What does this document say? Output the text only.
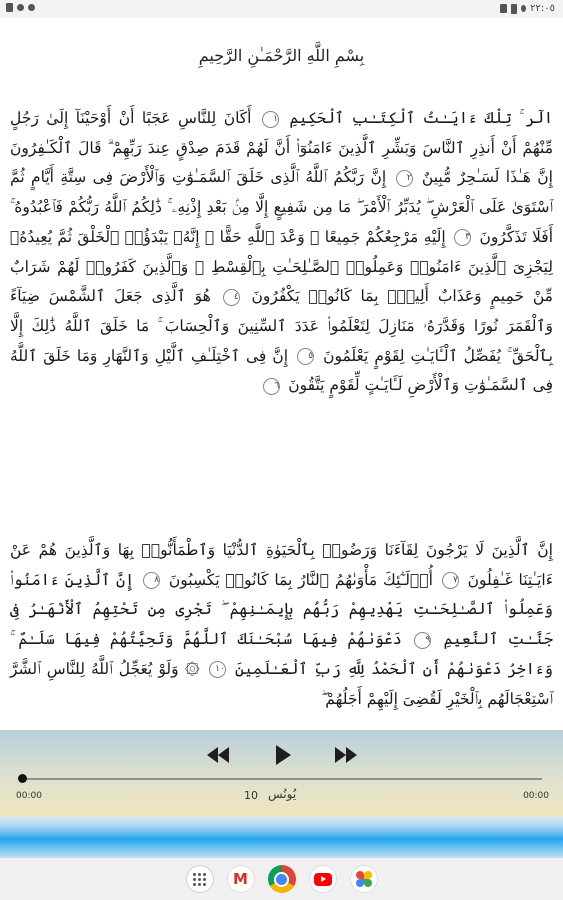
٢٢:٠٥
بِسْمِ اللَّهِ الرَّحْمَـٰنِ الرَّحِيمِ
الٓر ۚ تِلْكَ ءَايَـٰتُ ٱلْكِتَـٰبِ ٱلْحَكِيمِ ١ أَكَانَ لِلنَّاسِ عَجَبًا أَنْ أَوْحَيْنَآ إِلَىٰ رَجُلٍ مِّنْهُمْ أَنْ أَنذِرِ ٱلنَّاسَ وَبَشِّرِ ٱلَّذِينَ ءَامَنُوٓا۟ أَنَّ لَهُمْ قَدَمَ صِدْقٍ عِندَ رَبِّهِمْ ۗ قَالَ ٱلْكَـٰفِرُونَ إِنَّ هَـٰذَا لَسَـٰحِرٌ مُّبِينٌ ٢ إِنَّ رَبَّكُمُ ٱللَّهُ ٱلَّذِى خَلَقَ ٱلسَّمَـٰوَٰتِ وَٱلْأَرْضَ فِى سِتَّةِ أَيَّامٍ ثُمَّ ٱسْتَوَىٰ عَلَى ٱلْعَرْشِ ۖ يُدَبِّرُ ٱلْأَمْرَ ۖ مَا مِن شَفِيعٍ إِلَّا مِنۢ بَعْدِ إِذْنِهِۦ ۚ ذَٰلِكُمُ ٱللَّهُ رَبُّكُمْ فَٱعْبُدُوهُ ۚ أَفَلَا تَذَكَّرُونَ ٣ إِلَيْهِ مَرْجِعُكُمْ جَمِيعًا ۖ وَعْدَ ٱللَّهِ حَقًّا ۚ إِنَّهُۥ يَبْدَؤُا۟ ٱلْخَلْقَ ثُمَّ يُعِيدُهُۥ لِيَجْزِىَ ٱلَّذِينَ ءَامَنُوا۟ وَعَمِلُوا۟ ٱلصَّـٰلِحَـٰتِ بِٱلْقِسْطِ ۚ وَٱلَّذِينَ كَفَرُوا۟ لَهُمْ شَرَابٌ مِّنْ حَمِيمٍ وَعَذَابٌ أَلِيمٌۢ بِمَا كَانُوا۟ يَكْفُرُونَ ٤ هُوَ ٱلَّذِى جَعَلَ ٱلشَّمْسَ ضِيَآءً وَٱلْقَمَرَ نُورًا وَقَدَّرَهُۥ مَنَازِلَ لِتَعْلَمُوا۟ عَدَدَ ٱلسِّنِينَ وَٱلْحِسَابَ ۚ مَا خَلَقَ ٱللَّهُ ذَٰلِكَ إِلَّا بِٱلْحَقِّ ۚ يُفَصِّلُ ٱلْـَٔايَـٰتِ لِقَوْمٍ يَعْلَمُونَ ٥ إِنَّ فِى ٱخْتِلَـٰفِ ٱلَّيْلِ وَٱلنَّهَارِ وَمَا خَلَقَ ٱللَّهُ فِى ٱلسَّمَـٰوَٰتِ وَٱلْأَرْضِ لَـَٔايَـٰتٍ لِّقَوْمٍ يَتَّقُونَ ٦
إِنَّ ٱلَّذِينَ لَا يَرْجُونَ لِقَآءَنَا وَرَضُوا۟ بِٱلْحَيَوٰةِ ٱلدُّنْيَا وَٱطْمَأَنُّوا۟ بِهَا وَٱلَّذِينَ هُمْ عَنْ ءَايَـٰتِنَا غَـٰفِلُونَ ٧ أُو۟لَـٰٓئِكَ مَأْوَىٰهُمُ ٱلنَّارُ بِمَا كَانُوا۟ يَكْسِبُونَ ٨ إِنَّ ٱلَّذِينَ ءَامَنُوا۟ وَعَمِلُوا۟ ٱلصَّـٰلِحَـٰتِ يَهْدِيهِمْ رَبُّهُم بِإِيمَـٰنِهِمْ ۖ تَجْرِى مِن تَحْتِهِمُ ٱلْأَنْهَـٰرُ فِى جَنَّـٰتِ ٱلنَّعِيمِ ٩ دَعْوَىٰهُمْ فِيهَا سُبْحَـٰنَكَ ٱللَّهُمَّ وَتَحِيَّتُهُمْ فِيهَا سَلَـٰمٌ ۚ وَءَاخِرُ دَعْوَىٰهُمْ أَنِ ٱلْحَمْدُ لِلَّهِ رَبِّ ٱلْعَـٰلَمِينَ ١٠ ۞ وَلَوْ يُعَجِّلُ ٱللَّهُ لِلنَّاسِ ٱلشَّرَّ ٱسْتِعْجَالَهُم بِٱلْخَيْرِ لَقُضِىَ إِلَيْهِمْ أَجَلُهُمْ ۖ
00:00	10 يُونُس	00:00
M
